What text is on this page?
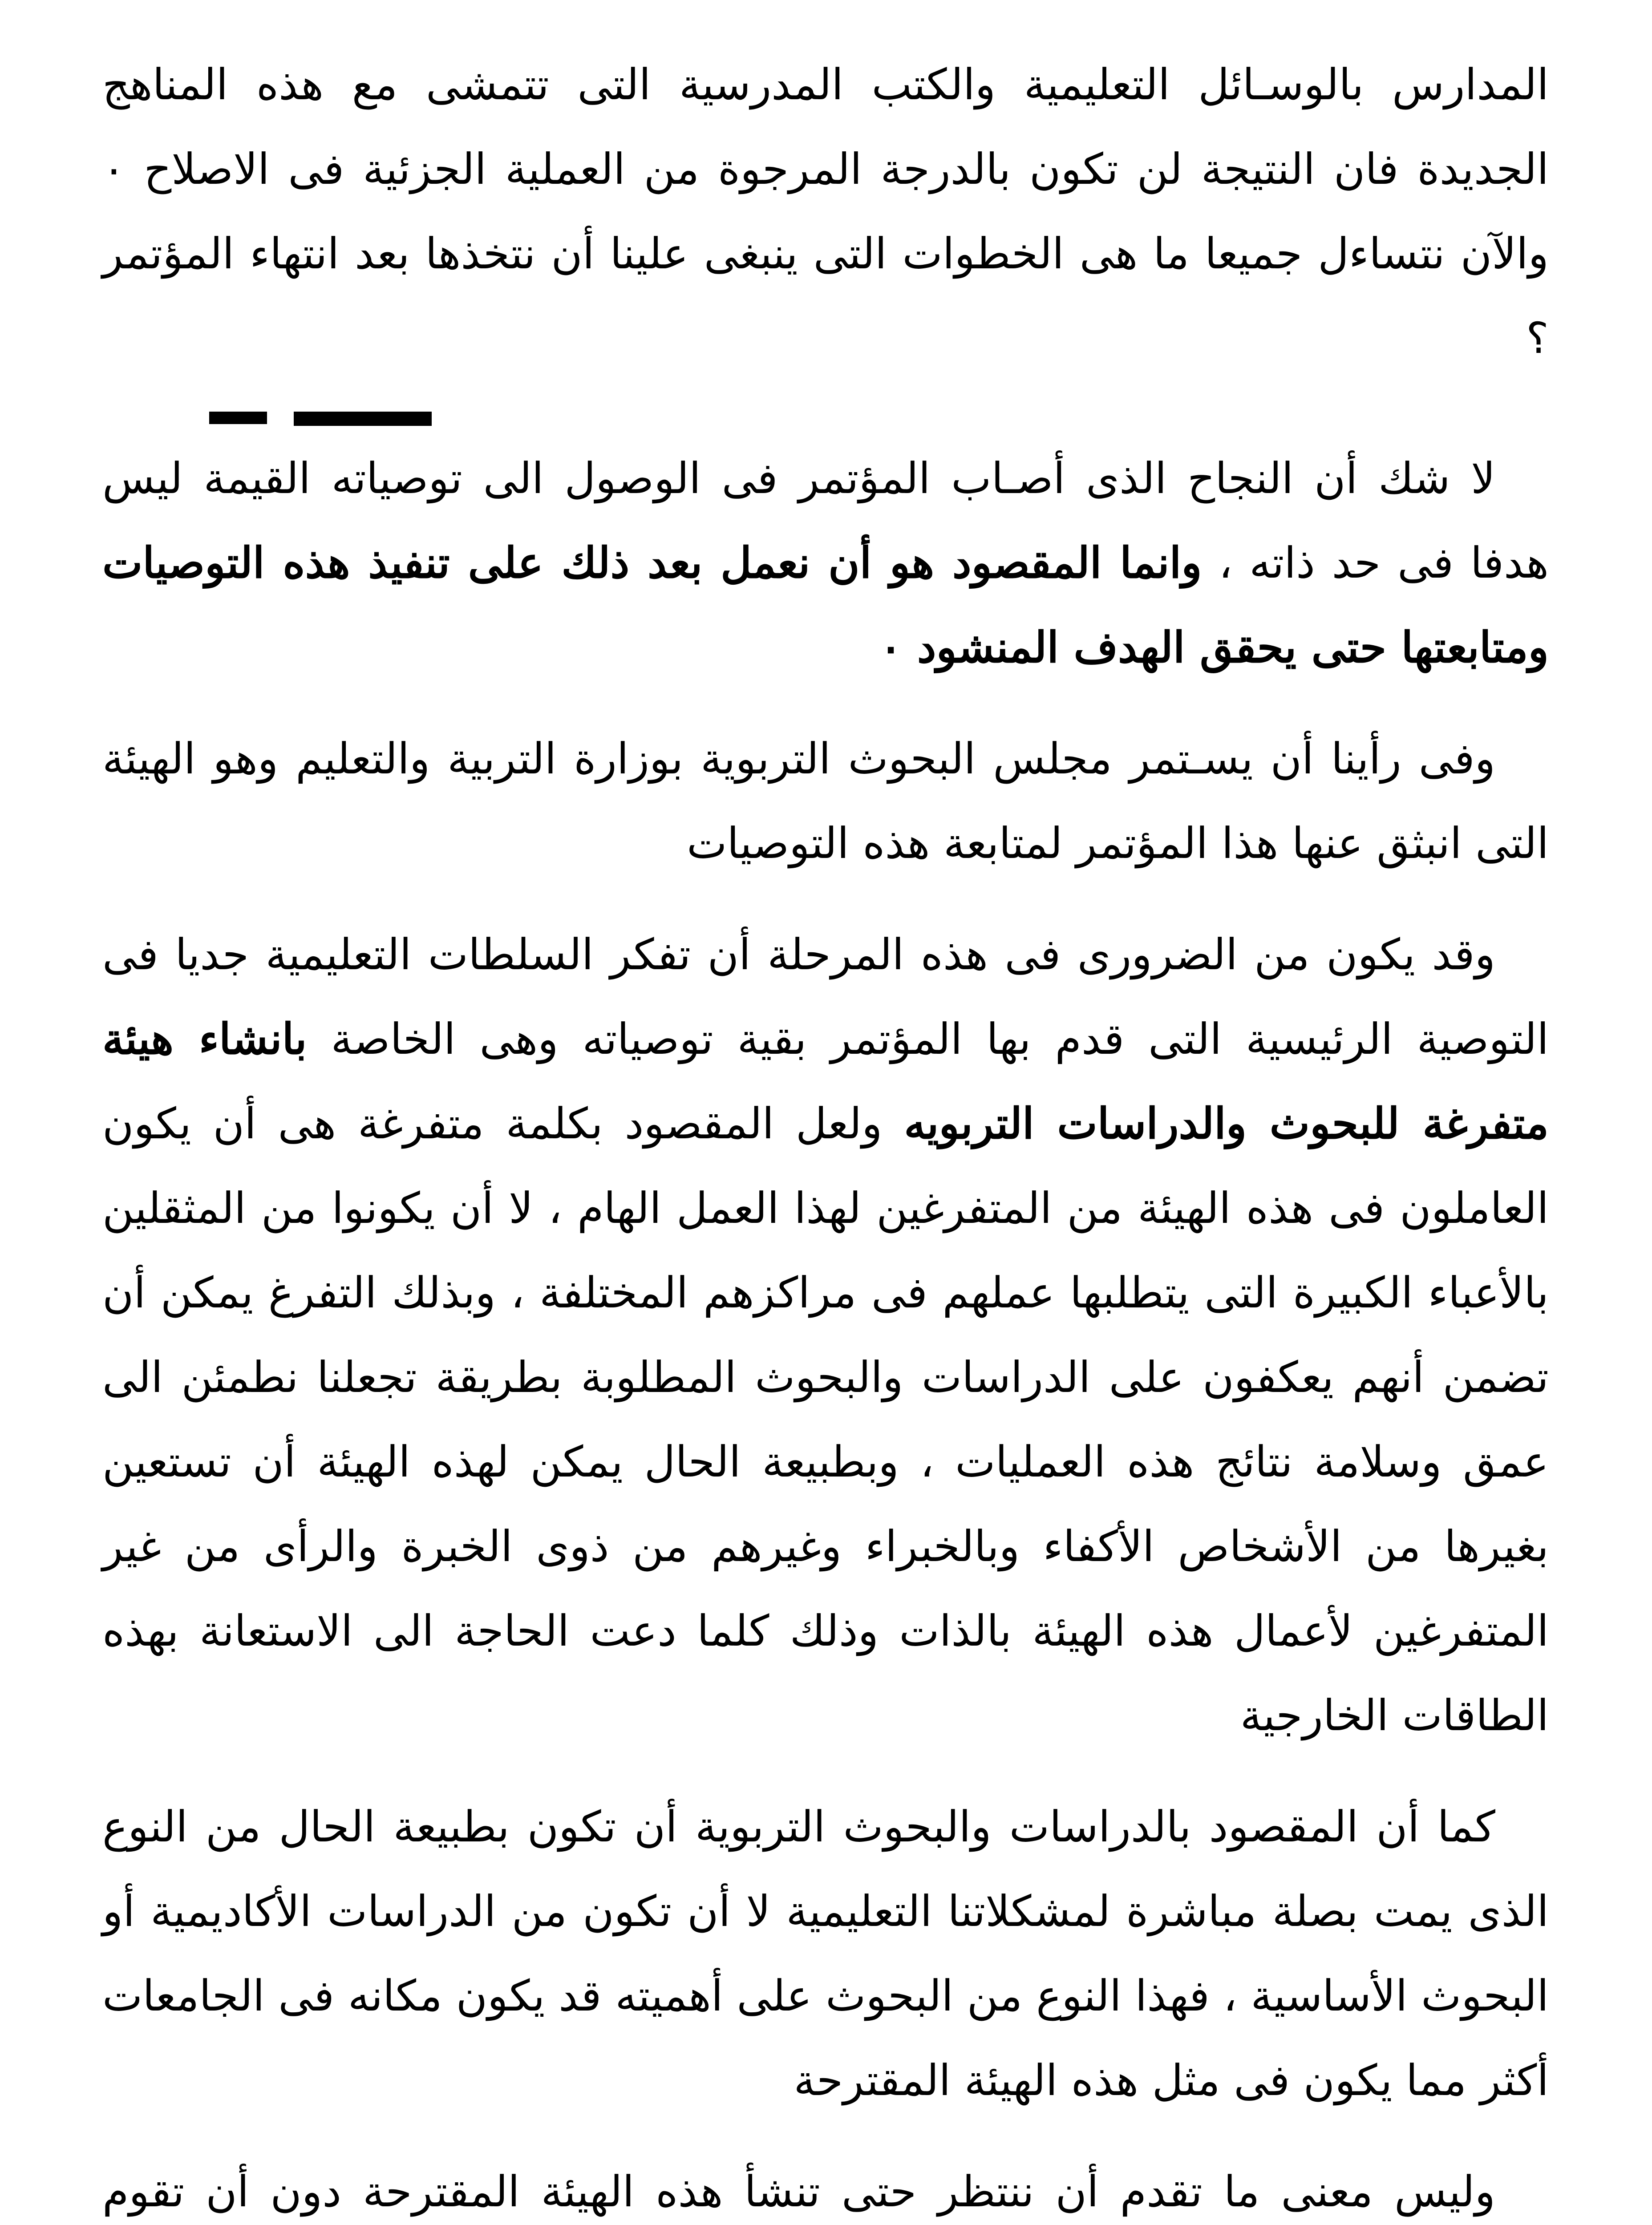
المدارس بالوسـائل التعليمية والكتب المدرسية التى تتمشى مع هذه المناهج الجديدة فان النتيجة لن تكون بالدرجة المرجوة من العملية الجزئية فى الاصلاح ٠ والآن نتساءل جميعا ما هى الخطوات التى ينبغى علينا أن نتخذها بعد انتهاء المؤتمر ؟

لا شك أن النجاح الذى أصـاب المؤتمر فى الوصول الى توصياته القيمة ليس هدفا فى حد ذاته ، وانما المقصود هو أن نعمل بعد ذلك على تنفيذ هذه التوصيات ومتابعتها حتى يحقق الهدف المنشود ٠

وفى رأينا أن يسـتمر مجلس البحوث التربوية بوزارة التربية والتعليم وهو الهيئة التى انبثق عنها هذا المؤتمر لمتابعة هذه التوصيات

وقد يكون من الضرورى فى هذه المرحلة أن تفكر السلطات التعليمية جديا فى التوصية الرئيسية التى قدم بها المؤتمر بقية توصياته وهى الخاصة بانشاء هيئة متفرغة للبحوث والدراسات التربويه ولعل المقصود بكلمة متفرغة هى أن يكون العاملون فى هذه الهيئة من المتفرغين لهذا العمل الهام ، لا أن يكونوا من المثقلين بالأعباء الكبيرة التى يتطلبها عملهم فى مراكزهم المختلفة ، وبذلك التفرغ يمكن أن تضمن أنهم يعكفون على الدراسات والبحوث المطلوبة بطريقة تجعلنا نطمئن الى عمق وسلامة نتائج هذه العمليات ، وبطبيعة الحال يمكن لهذه الهيئة أن تستعين بغيرها من الأشخاص الأكفاء وبالخبراء وغيرهم من ذوى الخبرة والرأى من غير المتفرغين لأعمال هذه الهيئة بالذات وذلك كلما دعت الحاجة الى الاستعانة بهذه الطاقات الخارجية

كما أن المقصود بالدراسات والبحوث التربوية أن تكون بطبيعة الحال من النوع الذى يمت بصلة مباشرة لمشكلاتنا التعليمية لا أن تكون من الدراسات الأكاديمية أو البحوث الأساسية ، فهذا النوع من البحوث على أهميته قد يكون مكانه فى الجامعات أكثر مما يكون فى مثل هذه الهيئة المقترحة

وليس معنى ما تقدم أن ننتظر حتى تنشأ هذه الهيئة المقترحة دون أن تقوم
